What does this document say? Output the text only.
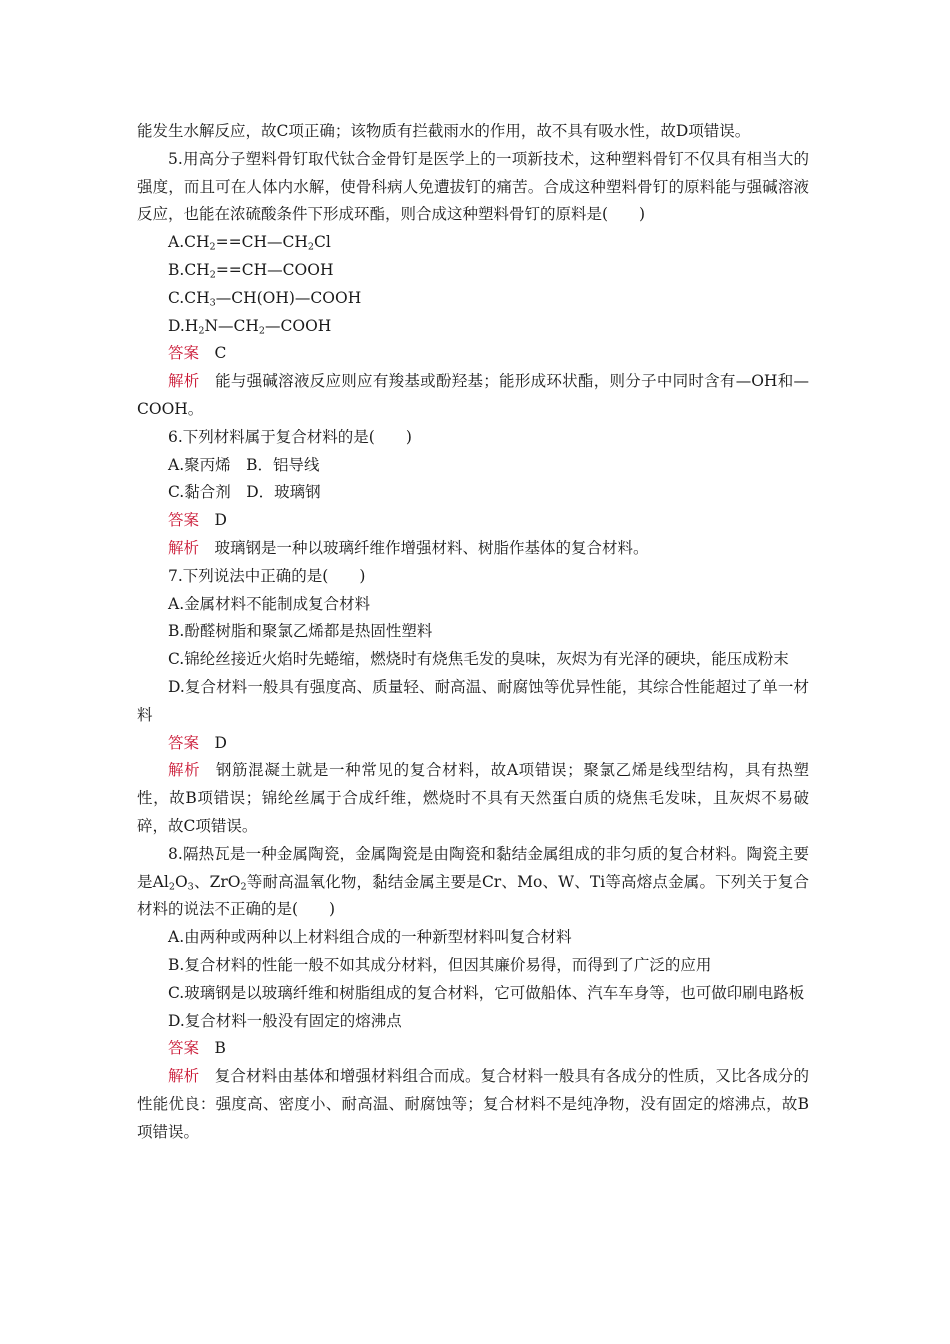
能发生水解反应，故C项正确；该物质有拦截雨水的作用，故不具有吸水性，故D项错误。

5.用高分子塑料骨钉取代钛合金骨钉是医学上的一项新技术，这种塑料骨钉不仅具有相当大的强度，而且可在人体内水解，使骨科病人免遭拔钉的痛苦。合成这种塑料骨钉的原料能与强碱溶液反应，也能在浓硫酸条件下形成环酯，则合成这种塑料骨钉的原料是(　　)

$A.CH_2==CH—CH_2Cl$

$B.CH_2==CH—COOH$

$C.CH_3—CH(OH)—COOH$

$D.H_2N—CH_2—COOH$

答案 C

解析 能与强碱溶液反应则应有羧基或酚羟基；能形成环状酯，则分子中同时含有—OH和—COOH。

6.下列材料属于复合材料的是(　　)

A.聚丙烯　B．铝导线

C.黏合剂　D．玻璃钢

答案 D

解析 玻璃钢是一种以玻璃纤维作增强材料、树脂作基体的复合材料。

7.下列说法中正确的是(　　)

A.金属材料不能制成复合材料

B.酚醛树脂和聚氯乙烯都是热固性塑料

C.锦纶丝接近火焰时先蜷缩，燃烧时有烧焦毛发的臭味，灰烬为有光泽的硬块，能压成粉末

D.复合材料一般具有强度高、质量轻、耐高温、耐腐蚀等优异性能，其综合性能超过了单一材料

答案 D

解析 钢筋混凝土就是一种常见的复合材料，故A项错误；聚氯乙烯是线型结构，具有热塑性，故B项错误；锦纶丝属于合成纤维，燃烧时不具有天然蛋白质的烧焦毛发味，且灰烬不易破碎，故C项错误。

8.隔热瓦是一种金属陶瓷，金属陶瓷是由陶瓷和黏结金属组成的非匀质的复合材料。陶瓷主要是$Al_2O_3$、ZrO$_2$等耐高温氧化物，黏结金属主要是Cr、Mo、W、Ti等高熔点金属。下列关于复合材料的说法不正确的是(　　)

A.由两种或两种以上材料组合成的一种新型材料叫复合材料

B.复合材料的性能一般不如其成分材料，但因其廉价易得，而得到了广泛的应用

C.玻璃钢是以玻璃纤维和树脂组成的复合材料，它可做船体、汽车车身等，也可做印刷电路板

D.复合材料一般没有固定的熔沸点

答案 B

解析 复合材料由基体和增强材料组合而成。复合材料一般具有各成分的性质，又比各成分的性能优良：强度高、密度小、耐高温、耐腐蚀等；复合材料不是纯净物，没有固定的熔沸点，故B项错误。
